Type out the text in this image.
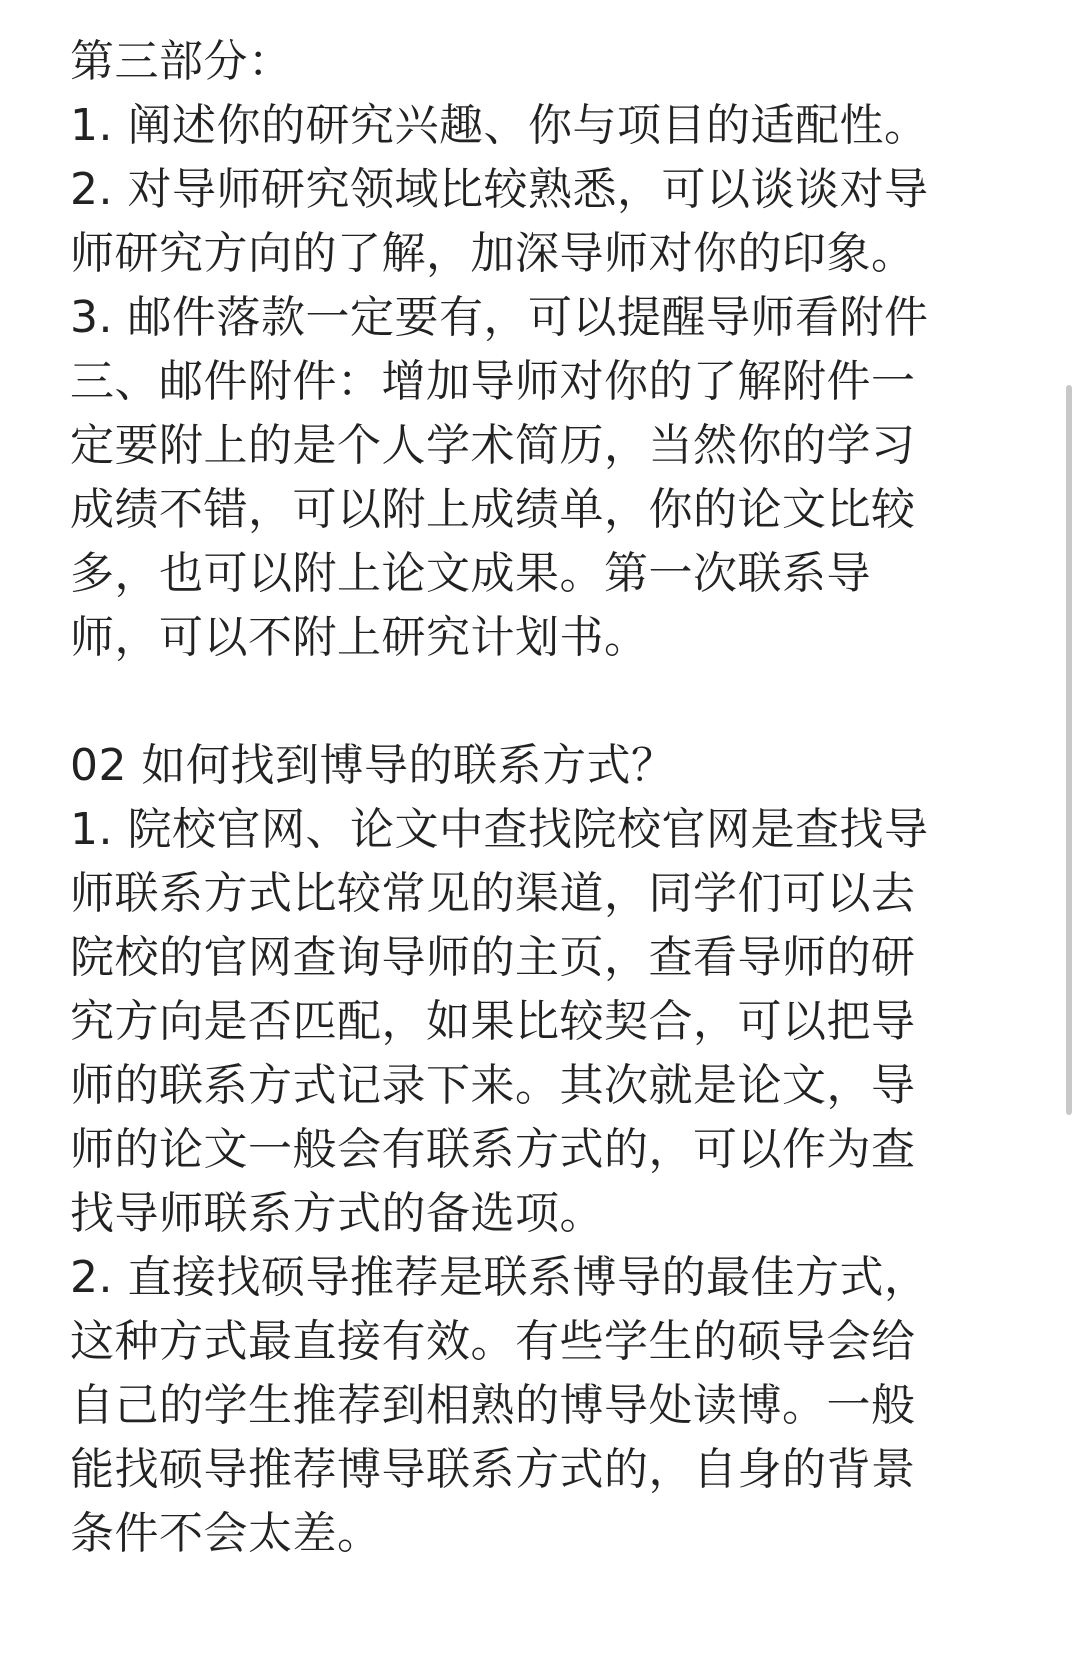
第三部分：
1. 阐述你的研究兴趣、你与项目的适配性。
2. 对导师研究领域比较熟悉，可以谈谈对导
师研究方向的了解，加深导师对你的印象。
3. 邮件落款一定要有，可以提醒导师看附件
三、邮件附件：增加导师对你的了解附件一
定要附上的是个人学术简历，当然你的学习
成绩不错，可以附上成绩单，你的论文比较
多，也可以附上论文成果。第一次联系导
师，可以不附上研究计划书。
02 如何找到博导的联系方式？
1. 院校官网、论文中查找院校官网是查找导
师联系方式比较常见的渠道，同学们可以去
院校的官网查询导师的主页，查看导师的研
究方向是否匹配，如果比较契合，可以把导
师的联系方式记录下来。其次就是论文，导
师的论文一般会有联系方式的，可以作为查
找导师联系方式的备选项。
2. 直接找硕导推荐是联系博导的最佳方式，
这种方式最直接有效。有些学生的硕导会给
自己的学生推荐到相熟的博导处读博。一般
能找硕导推荐博导联系方式的，自身的背景
条件不会太差。
